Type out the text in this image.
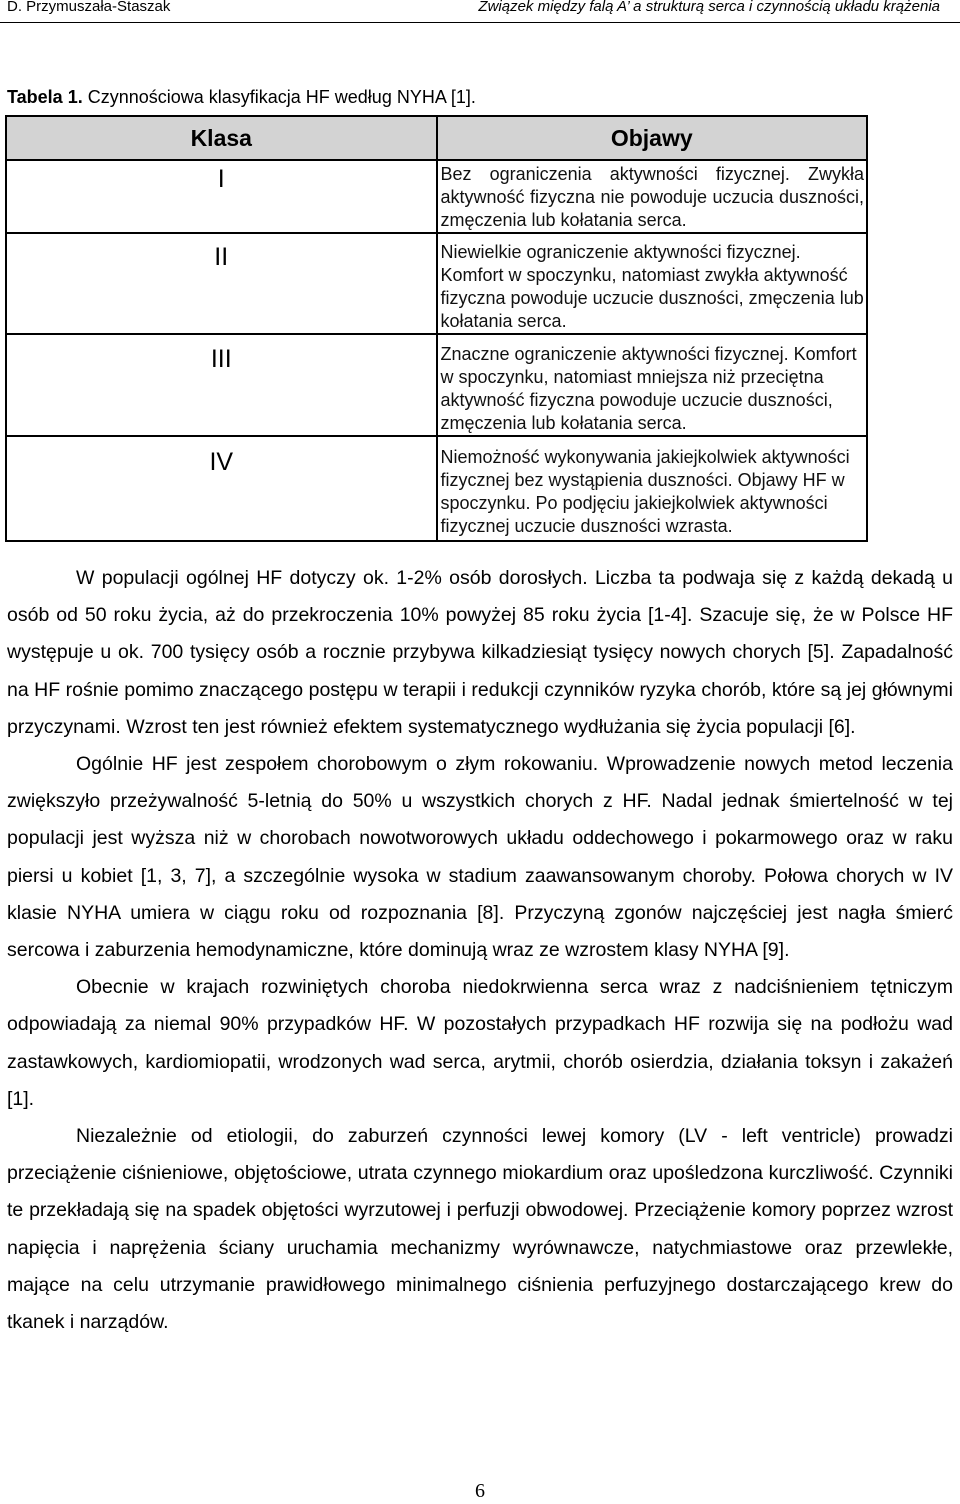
D. Przymuszała-Staszak	Związek między falą A’ a strukturą serca i czynnością układu krążenia
Tabela 1. Czynnościowa klasyfikacja HF według NYHA [1].
Klasa	Objawy
I	Bez ograniczenia aktywności fizycznej. Zwykła aktywność fizyczna nie powoduje uczucia duszności, zmęczenia lub kołatania serca.
II	Niewielkie ograniczenie aktywności fizycznej. Komfort w spoczynku, natomiast zwykła aktywność fizyczna powoduje uczucie duszności, zmęczenia lub kołatania serca.
III	Znaczne ograniczenie aktywności fizycznej. Komfort w spoczynku, natomiast mniejsza niż przeciętna aktywność fizyczna powoduje uczucie duszności, zmęczenia lub kołatania serca.
IV	Niemożność wykonywania jakiejkolwiek aktywności fizycznej bez wystąpienia duszności. Objawy HF w spoczynku. Po podjęciu jakiejkolwiek aktywności fizycznej uczucie duszności wzrasta.

W populacji ogólnej HF dotyczy ok. 1-2% osób dorosłych. Liczba ta podwaja się z każdą dekadą u osób od 50 roku życia, aż do przekroczenia 10% powyżej 85 roku życia [1-4]. Szacuje się, że w Polsce HF występuje u ok. 700 tysięcy osób a rocznie przybywa kilkadziesiąt tysięcy nowych chorych [5]. Zapadalność na HF rośnie pomimo znaczącego postępu w terapii i redukcji czynników ryzyka chorób, które są jej głównymi przyczynami. Wzrost ten jest również efektem systematycznego wydłużania się życia populacji [6].

Ogólnie HF jest zespołem chorobowym o złym rokowaniu. Wprowadzenie nowych metod leczenia zwiększyło przeżywalność 5-letnią do 50% u wszystkich chorych z HF. Nadal jednak śmiertelność w tej populacji jest wyższa niż w chorobach nowotworowych układu oddechowego i pokarmowego oraz w raku piersi u kobiet [1, 3, 7], a szczególnie wysoka w stadium zaawansowanym choroby. Połowa chorych w IV klasie NYHA umiera w ciągu roku od rozpoznania [8]. Przyczyną zgonów najczęściej jest nagła śmierć sercowa i zaburzenia hemodynamiczne, które dominują wraz ze wzrostem klasy NYHA [9].

Obecnie w krajach rozwiniętych choroba niedokrwienna serca wraz z nadciśnieniem tętniczym odpowiadają za niemal 90% przypadków HF. W pozostałych przypadkach HF rozwija się na podłożu wad zastawkowych, kardiomiopatii, wrodzonych wad serca, arytmii, chorób osierdzia, działania toksyn i zakażeń [1].

Niezależnie od etiologii, do zaburzeń czynności lewej komory (LV - left ventricle) prowadzi przeciążenie ciśnieniowe, objętościowe, utrata czynnego miokardium oraz upośledzona kurczliwość. Czynniki te przekładają się na spadek objętości wyrzutowej i perfuzji obwodowej. Przeciążenie komory poprzez wzrost napięcia i naprężenia ściany uruchamia mechanizmy wyrównawcze, natychmiastowe oraz przewlekłe, mające na celu utrzymanie prawidłowego minimalnego ciśnienia perfuzyjnego dostarczającego krew do tkanek i narządów.

6
